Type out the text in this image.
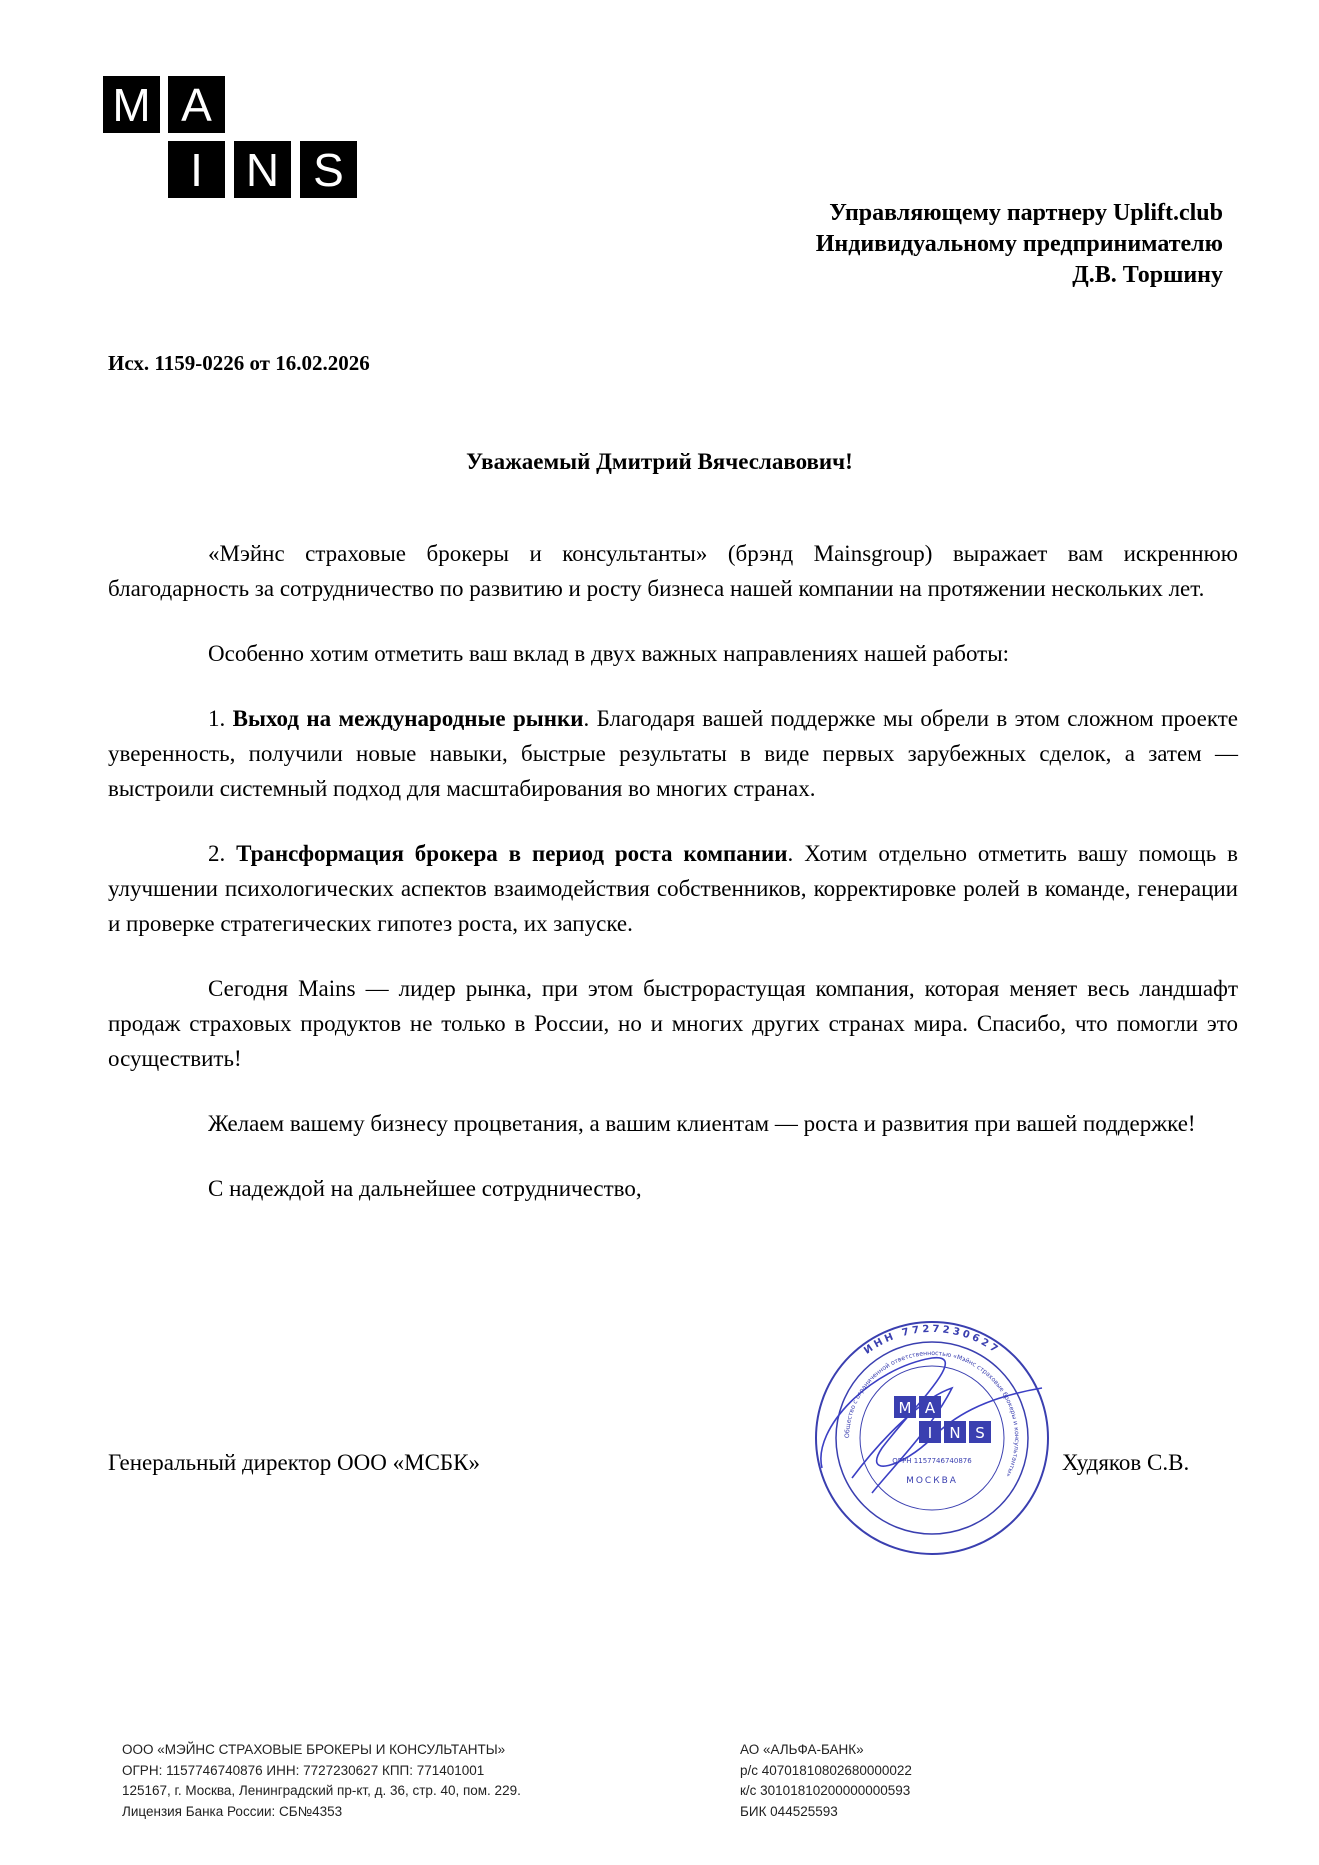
M A
I N S
Управляющему партнеру Uplift.club
Индивидуальному предпринимателю
Д.В. Торшину
Исх. 1159-0226 от 16.02.2026
Уважаемый Дмитрий Вячеславович!

«Мэйнс страховые брокеры и консультанты» (брэнд Mainsgroup) выражает вам искреннюю благодарность за сотрудничество по развитию и росту бизнеса нашей компании на протяжении нескольких лет.

Особенно хотим отметить ваш вклад в двух важных направлениях нашей работы:

1. Выход на международные рынки. Благодаря вашей поддержке мы обрели в этом сложном проекте уверенность, получили новые навыки, быстрые результаты в виде первых зарубежных сделок, а затем — выстроили системный подход для масштабирования во многих странах.

2. Трансформация брокера в период роста компании. Хотим отдельно отметить вашу помощь в улучшении психологических аспектов взаимодействия собственников, корректировке ролей в команде, генерации и проверке стратегических гипотез роста, их запуске.

Сегодня Mains — лидер рынка, при этом быстрорастущая компания, которая меняет весь ландшафт продаж страховых продуктов не только в России, но и многих других странах мира. Спасибо, что помогли это осуществить!

Желаем вашему бизнесу процветания, а вашим клиентам — роста и развития при вашей поддержке!

С надеждой на дальнейшее сотрудничество,

ИНН 7727230627
Общество с ограниченной ответственностью «Мэйнс страховые брокеры и консультанты»
M A
I N S
ОГРН 1157746740876
МОСКВА
Генеральный директор ООО «МСБК»	Худяков С.В.
ООО «МЭЙНС СТРАХОВЫЕ БРОКЕРЫ И КОНСУЛЬТАНТЫ»
ОГРН: 1157746740876 ИНН: 7727230627 КПП: 771401001
125167, г. Москва, Ленинградский пр-кт, д. 36, стр. 40, пом. 229.
Лицензия Банка России: СБ№4353
АО «АЛЬФА-БАНК»
р/с 40701810802680000022
к/с 30101810200000000593
БИК 044525593
